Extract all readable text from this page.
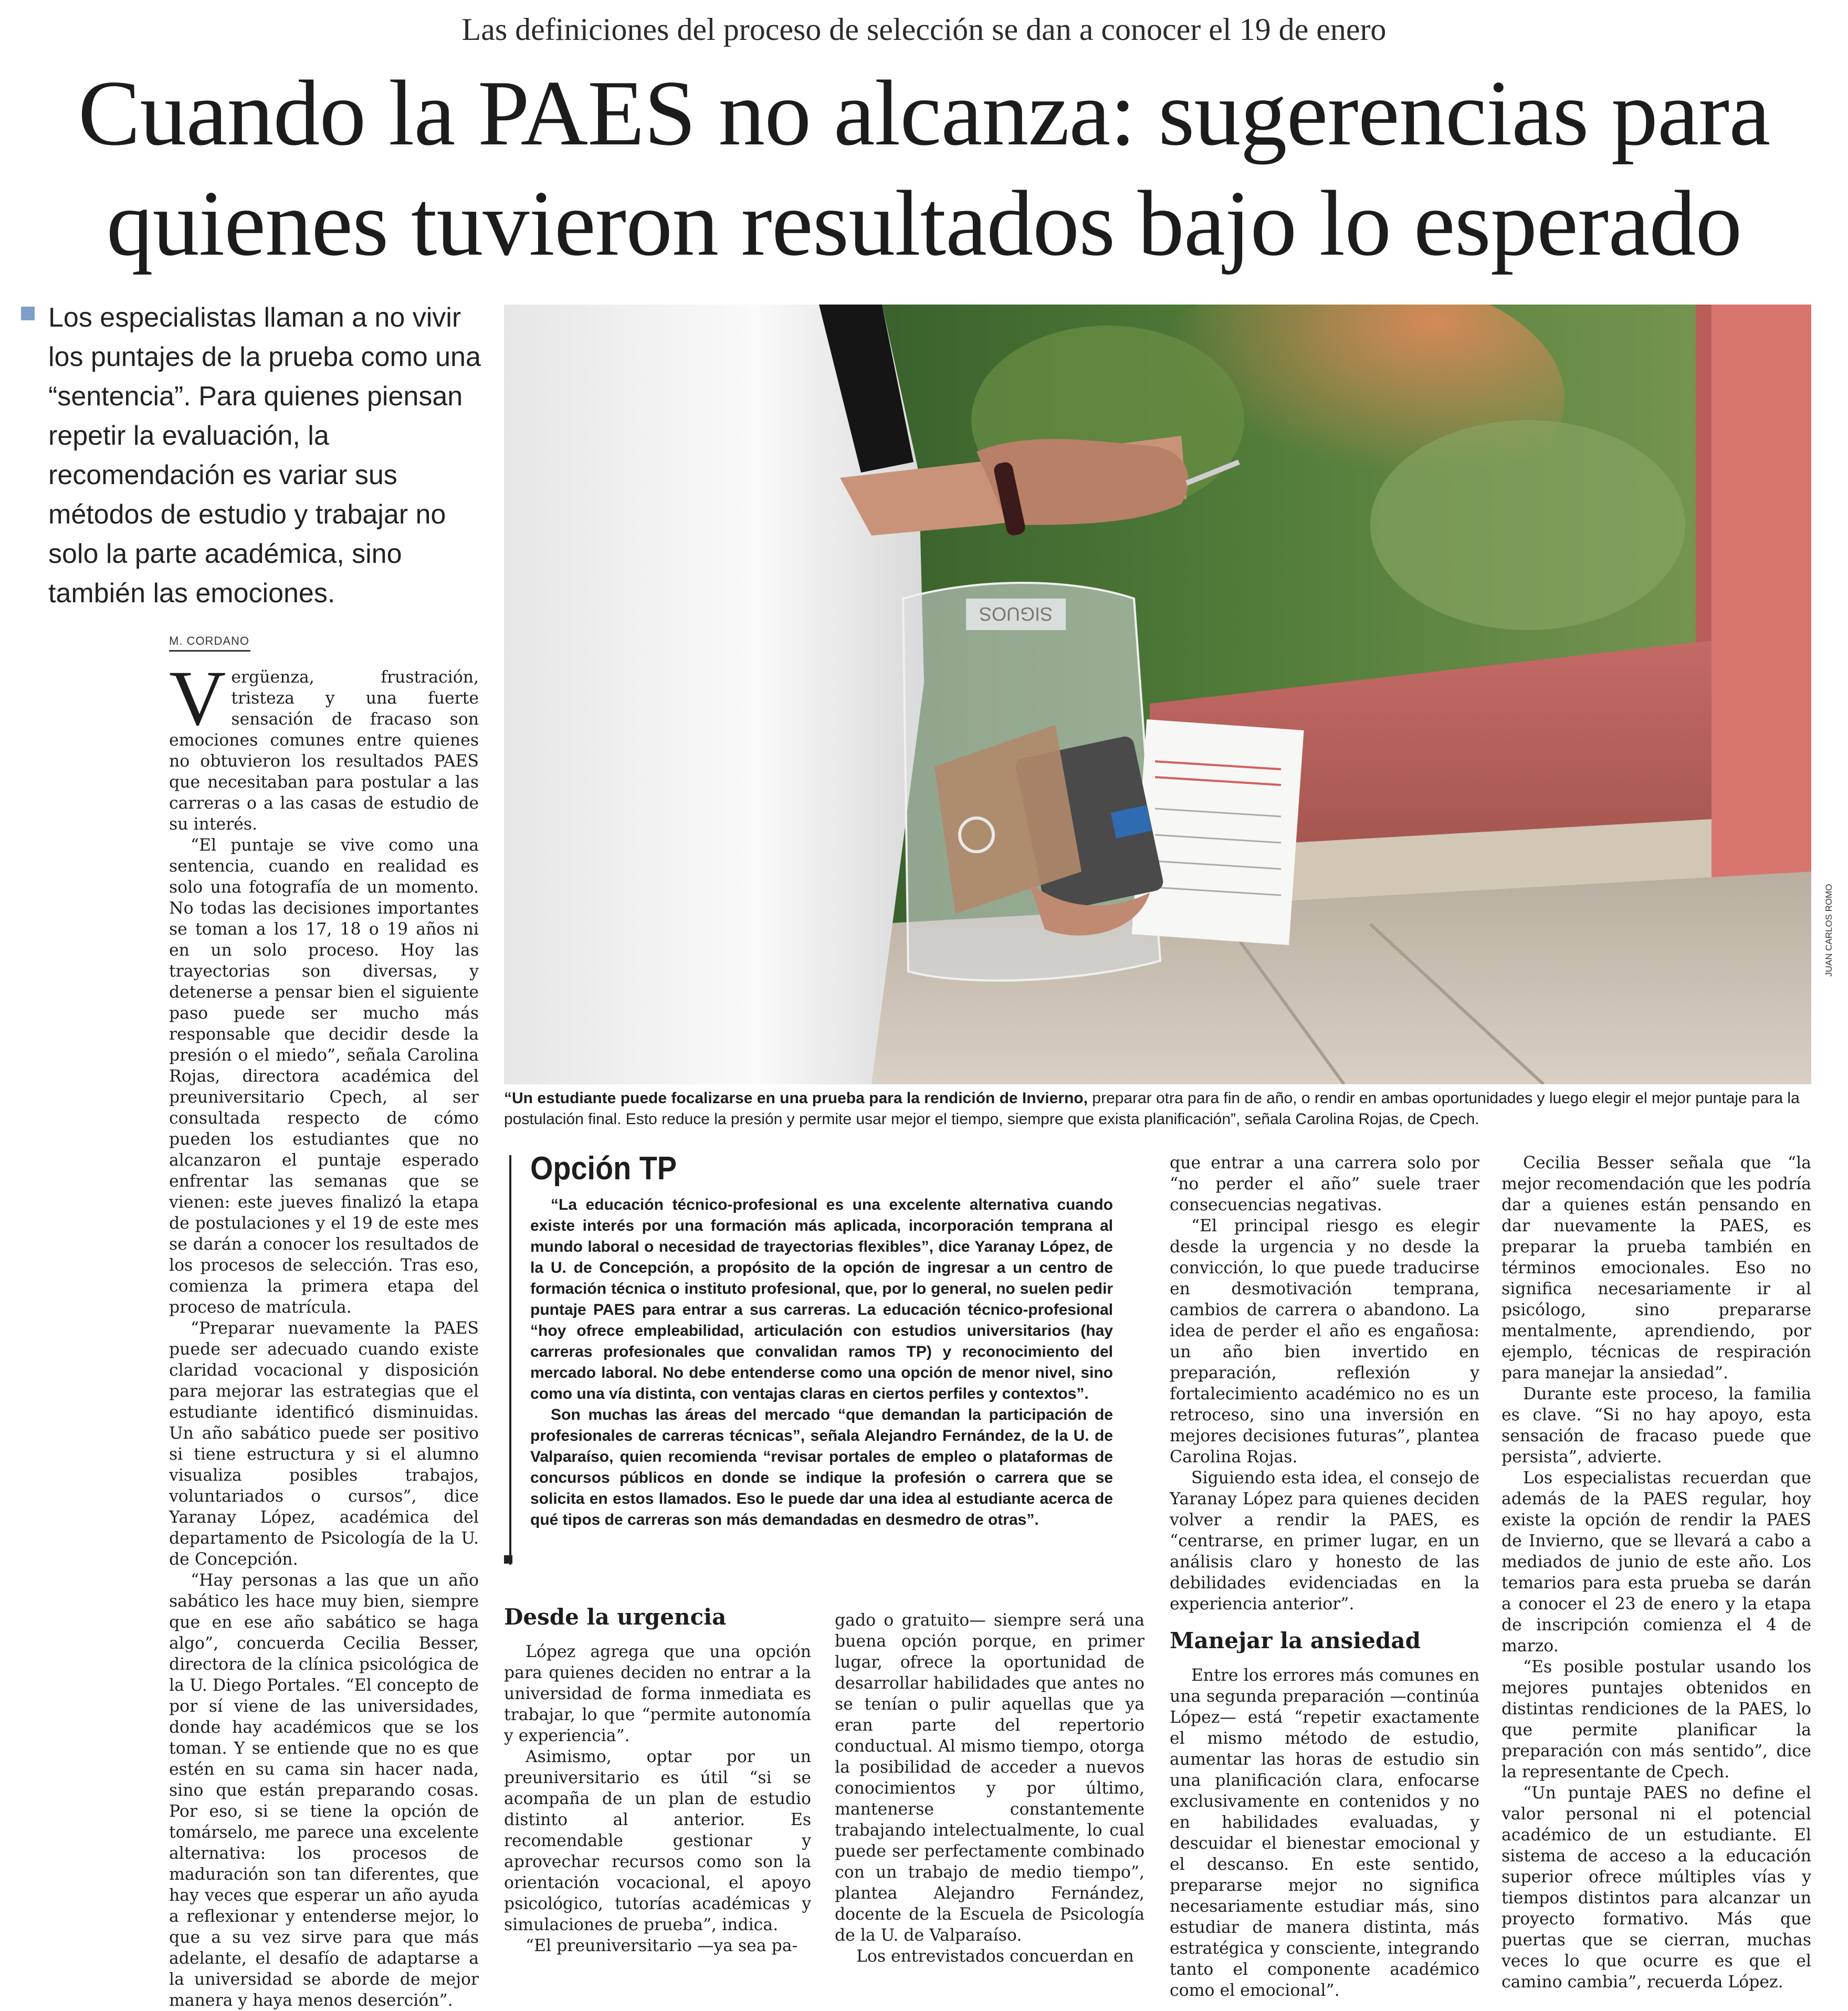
Las definiciones del proceso de selección se dan a conocer el 19 de enero
Cuando la PAES no alcanza: sugerencias para
quienes tuvieron resultados bajo lo esperado
Los especialistas llaman a no vivir los puntajes de la prueba como una “sentencia”. Para quienes piensan repetir la evaluación, la recomendación es variar sus métodos de estudio y trabajar no solo la parte académica, sino también las emociones.
M. CORDANO

Vergüenza, frustración, tristeza y una fuerte sensación de fracaso son emociones comunes entre quienes no obtuvieron los resultados PAES que necesitaban para postular a las carreras o a las casas de estudio de su interés.

“El puntaje se vive como una sentencia, cuando en realidad es solo una fotografía de un momento. No todas las decisiones importantes se toman a los 17, 18 o 19 años ni en un solo proceso. Hoy las trayectorias son diversas, y detenerse a pensar bien el siguiente paso puede ser mucho más responsable que decidir desde la presión o el miedo”, señala Carolina Rojas, directora académica del preuniversitario Cpech, al ser consultada respecto de cómo pueden los estudiantes que no alcanzaron el puntaje esperado enfrentar las semanas que se vienen: este jueves finalizó la etapa de postulaciones y el 19 de este mes se darán a conocer los resultados de los procesos de selección. Tras eso, comienza la primera etapa del proceso de matrícula.

“Preparar nuevamente la PAES puede ser adecuado cuando existe claridad vocacional y disposición para mejorar las estrategias que el estudiante identificó disminuidas. Un año sabático puede ser positivo si tiene estructura y si el alumno visualiza posibles trabajos, voluntariados o cursos”, dice Yaranay López, académica del departamento de Psicología de la U. de Concepción.

“Hay personas a las que un año sabático les hace muy bien, siempre que en ese año sabático se haga algo”, concuerda Cecilia Besser, directora de la clínica psicológica de la U. Diego Portales. “El concepto de por sí viene de las universidades, donde hay académicos que se los toman. Y se entiende que no es que estén en su cama sin hacer nada, sino que están preparando cosas. Por eso, si se tiene la opción de tomárselo, me parece una excelente alternativa: los procesos de maduración son tan diferentes, que hay veces que esperar un año ayuda a reflexionar y entenderse mejor, lo que a su vez sirve para que más adelante, el desafío de adaptarse a la universidad se aborde de mejor manera y haya menos deserción”.

SIGUOS
JUAN CARLOS ROMO
“Un estudiante puede focalizarse en una prueba para la rendición de Invierno, preparar otra para fin de año, o rendir en ambas oportunidades y luego elegir el mejor puntaje para la postulación final. Esto reduce la presión y permite usar mejor el tiempo, siempre que exista planificación”, señala Carolina Rojas, de Cpech.
Opción TP

“La educación técnico-profesional es una excelente alternativa cuando existe interés por una formación más aplicada, incorporación temprana al mundo laboral o necesidad de trayectorias flexibles”, dice Yaranay López, de la U. de Concepción, a propósito de la opción de ingresar a un centro de formación técnica o instituto profesional, que, por lo general, no suelen pedir puntaje PAES para entrar a sus carreras. La educación técnico-profesional “hoy ofrece empleabilidad, articulación con estudios universitarios (hay carreras profesionales que convalidan ramos TP) y reconocimiento del mercado laboral. No debe entenderse como una opción de menor nivel, sino como una vía distinta, con ventajas claras en ciertos perfiles y contextos”.

Son muchas las áreas del mercado “que demandan la participación de profesionales de carreras técnicas”, señala Alejandro Fernández, de la U. de Valparaíso, quien recomienda “revisar portales de empleo o plataformas de concursos públicos en donde se indique la profesión o carrera que se solicita en estos llamados. Eso le puede dar una idea al estudiante acerca de qué tipos de carreras son más demandadas en desmedro de otras”.

Desde la urgencia

López agrega que una opción para quienes deciden no entrar a la universidad de forma inmediata es trabajar, lo que “permite autonomía y experiencia”.

Asimismo, optar por un preuniversitario es útil “si se acompaña de un plan de estudio distinto al anterior. Es recomendable gestionar y aprovechar recursos como son la orientación vocacional, el apoyo psicológico, tutorías académicas y simulaciones de prueba”, indica.

“El preuniversitario —ya sea pa-

gado o gratuito— siempre será una buena opción porque, en primer lugar, ofrece la oportunidad de desarrollar habilidades que antes no se tenían o pulir aquellas que ya eran parte del repertorio conductual. Al mismo tiempo, otorga la posibilidad de acceder a nuevos conocimientos y por último, mantenerse constantemente trabajando intelectualmente, lo cual puede ser perfectamente combinado con un trabajo de medio tiempo”, plantea Alejandro Fernández, docente de la Escuela de Psicología de la U. de Valparaíso.

Los entrevistados concuerdan en

que entrar a una carrera solo por “no perder el año” suele traer consecuencias negativas.

“El principal riesgo es elegir desde la urgencia y no desde la convicción, lo que puede traducirse en desmotivación temprana, cambios de carrera o abandono. La idea de perder el año es engañosa: un año bien invertido en preparación, reflexión y fortalecimiento académico no es un retroceso, sino una inversión en mejores decisiones futuras”, plantea Carolina Rojas.

Siguiendo esta idea, el consejo de Yaranay López para quienes deciden volver a rendir la PAES, es “centrarse, en primer lugar, en un análisis claro y honesto de las debilidades evidenciadas en la experiencia anterior”.

Manejar la ansiedad

Entre los errores más comunes en una segunda preparación —continúa López— está “repetir exactamente el mismo método de estudio, aumentar las horas de estudio sin una planificación clara, enfocarse exclusivamente en contenidos y no en habilidades evaluadas, y descuidar el bienestar emocional y el descanso. En este sentido, prepararse mejor no significa necesariamente estudiar más, sino estudiar de manera distinta, más estratégica y consciente, integrando tanto el componente académico como el emocional”.

Cecilia Besser señala que “la mejor recomendación que les podría dar a quienes están pensando en dar nuevamente la PAES, es preparar la prueba también en términos emocionales. Eso no significa necesariamente ir al psicólogo, sino prepararse mentalmente, aprendiendo, por ejemplo, técnicas de respiración para manejar la ansiedad”.

Durante este proceso, la familia es clave. “Si no hay apoyo, esta sensación de fracaso puede que persista”, advierte.

Los especialistas recuerdan que además de la PAES regular, hoy existe la opción de rendir la PAES de Invierno, que se llevará a cabo a mediados de junio de este año. Los temarios para esta prueba se darán a conocer el 23 de enero y la etapa de inscripción comienza el 4 de marzo.

“Es posible postular usando los mejores puntajes obtenidos en distintas rendiciones de la PAES, lo que permite planificar la preparación con más sentido”, dice la representante de Cpech.

“Un puntaje PAES no define el valor personal ni el potencial académico de un estudiante. El sistema de acceso a la educación superior ofrece múltiples vías y tiempos distintos para alcanzar un proyecto formativo. Más que puertas que se cierran, muchas veces lo que ocurre es que el camino cambia”, recuerda López.
